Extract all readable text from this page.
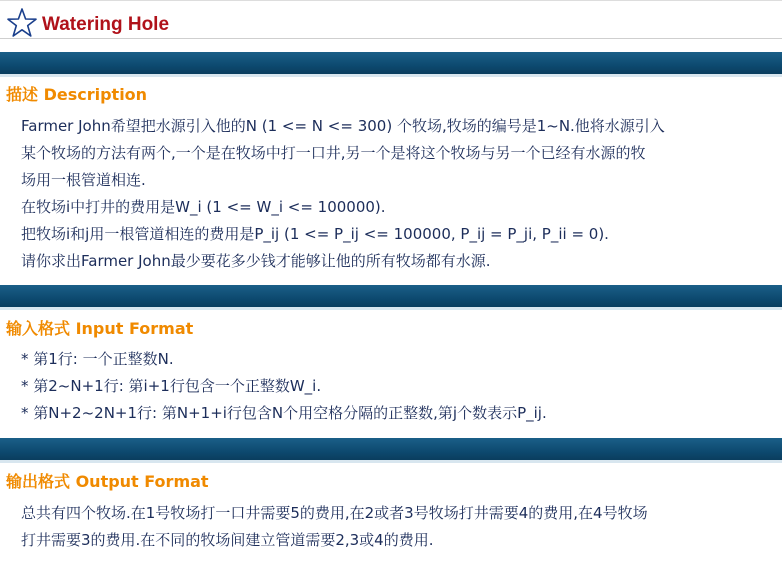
Watering Hole
描述 Description
Farmer John希望把水源引入他的N (1 <= N <= 300) 个牧场,牧场的编号是1~N.他将水源引入
某个牧场的方法有两个,一个是在牧场中打一口井,另一个是将这个牧场与另一个已经有水源的牧
场用一根管道相连.
在牧场i中打井的费用是W_i (1 <= W_i <= 100000).
把牧场i和j用一根管道相连的费用是P_ij (1 <= P_ij <= 100000, P_ij = P_ji, P_ii = 0).
请你求出Farmer John最少要花多少钱才能够让他的所有牧场都有水源.
输入格式 Input Format
* 第1行: 一个正整数N.
* 第2~N+1行: 第i+1行包含一个正整数W_i.
* 第N+2~2N+1行: 第N+1+i行包含N个用空格分隔的正整数,第j个数表示P_ij.
输出格式 Output Format
总共有四个牧场.在1号牧场打一口井需要5的费用,在2或者3号牧场打井需要4的费用,在4号牧场
打井需要3的费用.在不同的牧场间建立管道需要2,3或4的费用.
